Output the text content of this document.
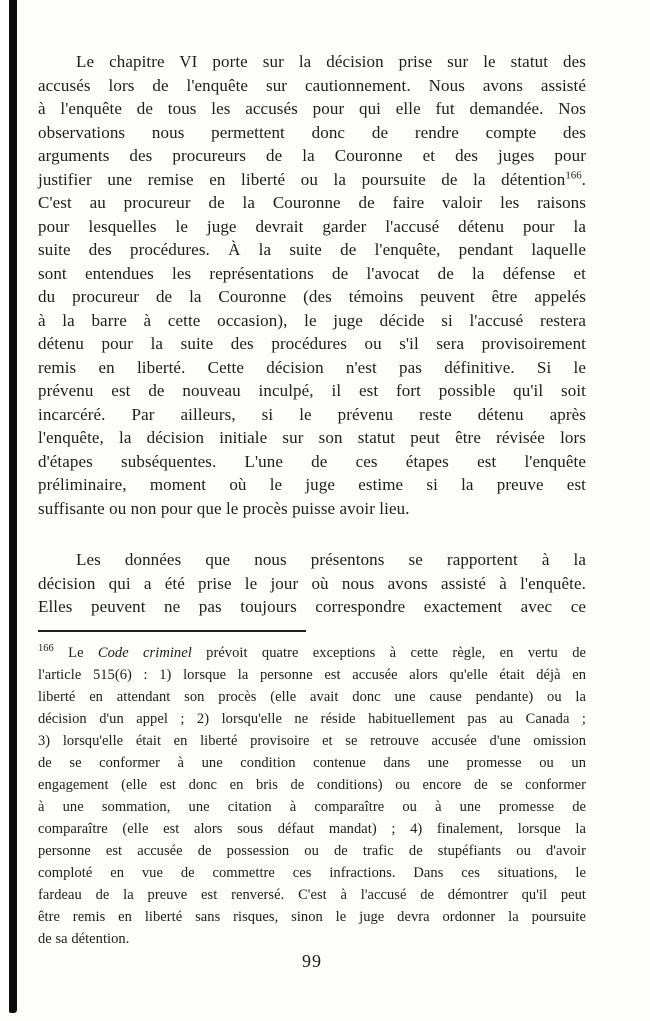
Le chapitre VI porte sur la décision prise sur le statut des
accusés lors de l'enquête sur cautionnement. Nous avons assisté
à l'enquête de tous les accusés pour qui elle fut demandée. Nos
observations nous permettent donc de rendre compte des
arguments des procureurs de la Couronne et des juges pour
justifier une remise en liberté ou la poursuite de la détention$^{166}$.
C'est au procureur de la Couronne de faire valoir les raisons
pour lesquelles le juge devrait garder l'accusé détenu pour la
suite des procédures. À la suite de l'enquête, pendant laquelle
sont entendues les représentations de l'avocat de la défense et
du procureur de la Couronne (des témoins peuvent être appelés
à la barre à cette occasion), le juge décide si l'accusé restera
détenu pour la suite des procédures ou s'il sera provisoirement
remis en liberté. Cette décision n'est pas définitive. Si le
prévenu est de nouveau inculpé, il est fort possible qu'il soit
incarcéré. Par ailleurs, si le prévenu reste détenu après
l'enquête, la décision initiale sur son statut peut être révisée lors
d'étapes subséquentes. L'une de ces étapes est l'enquête
préliminaire, moment où le juge estime si la preuve est
suffisante ou non pour que le procès puisse avoir lieu.
Les données que nous présentons se rapportent à la
décision qui a été prise le jour où nous avons assisté à l'enquête.
Elles peuvent ne pas toujours correspondre exactement avec ce
$^{166}$ Le Code criminel prévoit quatre exceptions à cette règle, en vertu de
l'article 515(6) : 1) lorsque la personne est accusée alors qu'elle était déjà en
liberté en attendant son procès (elle avait donc une cause pendante) ou la
décision d'un appel ; 2) lorsqu'elle ne réside habituellement pas au Canada ;
3) lorsqu'elle était en liberté provisoire et se retrouve accusée d'une omission
de se conformer à une condition contenue dans une promesse ou un
engagement (elle est donc en bris de conditions) ou encore de se conformer
à une sommation, une citation à comparaître ou à une promesse de
comparaître (elle est alors sous défaut mandat) ; 4) finalement, lorsque la
personne est accusée de possession ou de trafic de stupéfiants ou d'avoir
comploté en vue de commettre ces infractions. Dans ces situations, le
fardeau de la preuve est renversé. C'est à l'accusé de démontrer qu'il peut
être remis en liberté sans risques, sinon le juge devra ordonner la poursuite
de sa détention.
99
